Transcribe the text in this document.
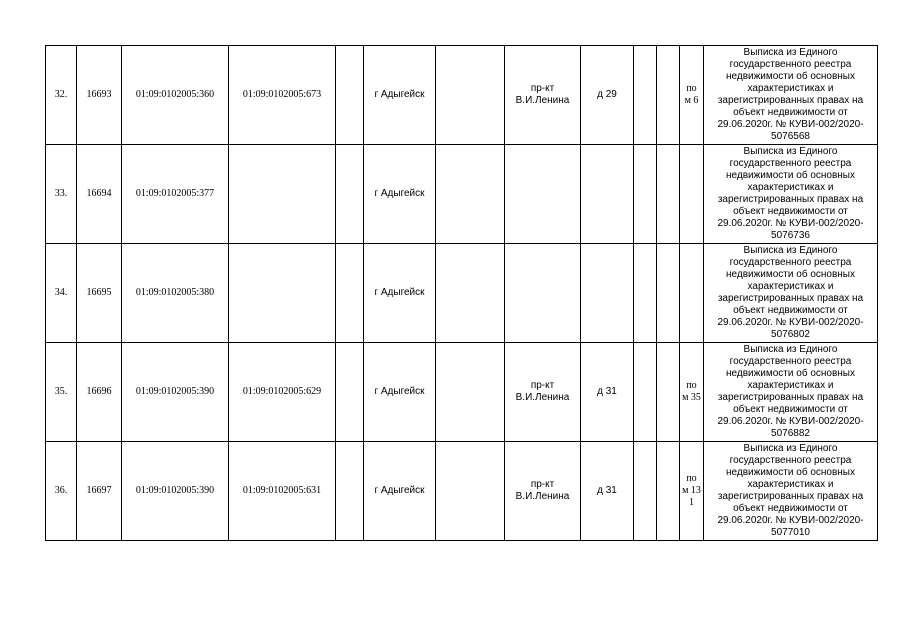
32.	16693	01:09:0102005:360	01:09:0102005:673		г Адыгейск		пр-кт В.И.Ленина	д 29			по м 6	Выписка из Единого государственного реестра недвижимости об основных характеристиках и зарегистрированных правах на объект недвижимости от 29.06.2020г. № КУВИ-002/2020-5076568
33.	16694	01:09:0102005:377			г Адыгейск							Выписка из Единого государственного реестра недвижимости об основных характеристиках и зарегистрированных правах на объект недвижимости от 29.06.2020г. № КУВИ-002/2020-5076736
34.	16695	01:09:0102005:380			г Адыгейск							Выписка из Единого государственного реестра недвижимости об основных характеристиках и зарегистрированных правах на объект недвижимости от 29.06.2020г. № КУВИ-002/2020-5076802
35.	16696	01:09:0102005:390	01:09:0102005:629		г Адыгейск		пр-кт В.И.Ленина	д 31			по м 35	Выписка из Единого государственного реестра недвижимости об основных характеристиках и зарегистрированных правах на объект недвижимости от 29.06.2020г. № КУВИ-002/2020-5076882
36.	16697	01:09:0102005:390	01:09:0102005:631		г Адыгейск		пр-кт В.И.Ленина	д 31			по м 13 1	Выписка из Единого государственного реестра недвижимости об основных характеристиках и зарегистрированных правах на объект недвижимости от 29.06.2020г. № КУВИ-002/2020-5077010
